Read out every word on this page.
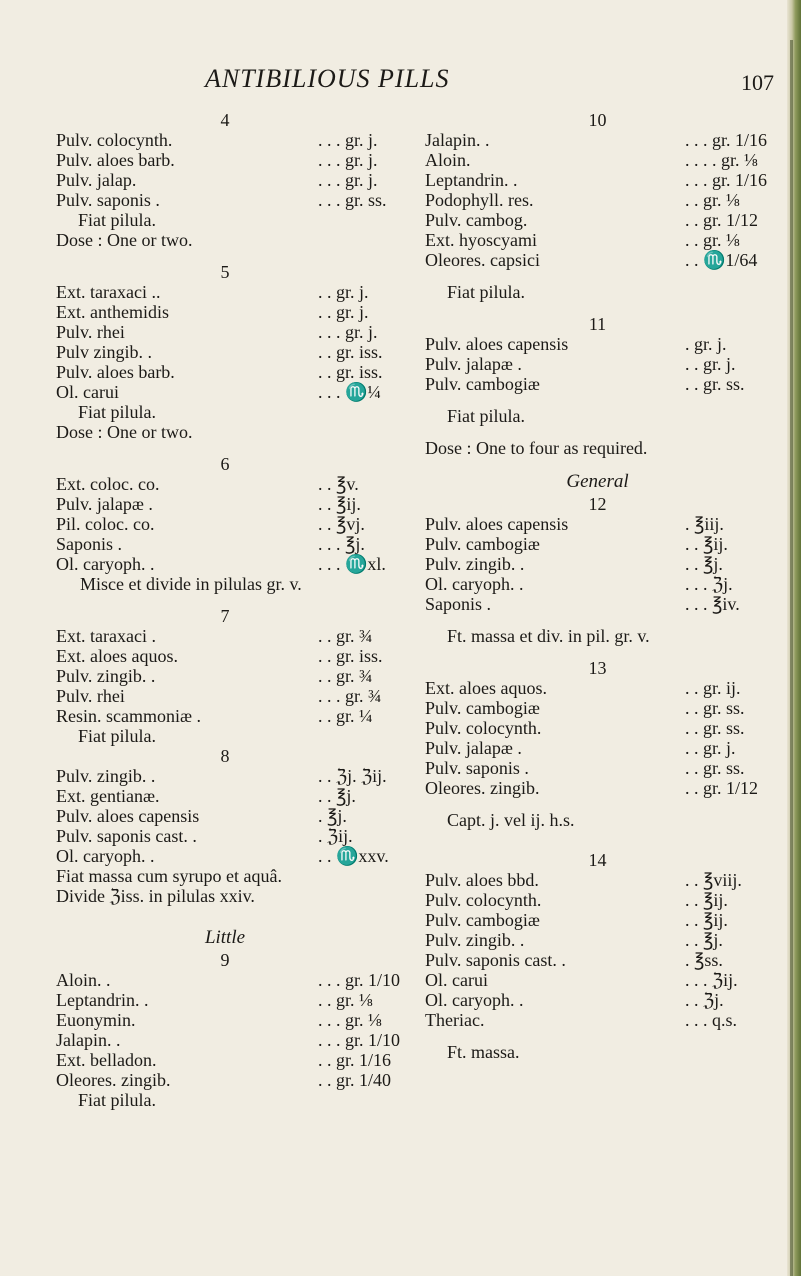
ANTIBILIOUS PILLS	107
4
Pulv. colocynth.	. . . gr. j.
Pulv. aloes barb.	. . . gr. j.
Pulv. jalap.	. . . gr. j.
Pulv. saponis .	. . . gr. ss.
Fiat pilula.
Dose : One or two.
5
Ext. taraxaci ..	. . gr. j.
Ext. anthemidis	. . gr. j.
Pulv. rhei	. . . gr. j.
Pulv zingib. .	. . gr. iss.
Pulv. aloes barb.	. . gr. iss.
Ol. carui	. . . ♏¼
Fiat pilula.
Dose : One or two.
6
Ext. coloc. co.	. . ℥v.
Pulv. jalapæ .	. . ℥ij.
Pil. coloc. co.	. . ℥vj.
Saponis .	. . . ℥j.
Ol. caryoph. .	. . . ♏xl.
Misce et divide in pilulas gr. v.
7
Ext. taraxaci .	. . gr. ¾
Ext. aloes aquos.	. . gr. iss.
Pulv. zingib. .	. . gr. ¾
Pulv. rhei	. . . gr. ¾
Resin. scammoniæ .	. . gr. ¼
Fiat pilula.
8
Pulv. zingib. .	. . ℨj. ℨij.
Ext. gentianæ.	. . ℥j.
Pulv. aloes capensis	. ℥j.
Pulv. saponis cast. .	. ℨij.
Ol. caryoph. .	. . ♏xxv.
Fiat massa cum syrupo et aquâ.
Divide ℨiss. in pilulas xxiv.
Little
9
Aloin. .	. . . gr. 1/10
Leptandrin. .	. . gr. ⅛
Euonymin.	. . . gr. ⅛
Jalapin. .	. . . gr. 1/10
Ext. belladon.	. . gr. 1/16
Oleores. zingib.	. . gr. 1/40
Fiat pilula.
10
Jalapin. .	. . . gr. 1/16
Aloin.	. . . . gr. ⅛
Leptandrin. .	. . . gr. 1/16
Podophyll. res.	. . gr. ⅛
Pulv. cambog.	. . gr. 1/12
Ext. hyoscyami	. . gr. ⅛
Oleores. capsici	. . ♏1/64
Fiat pilula.
11
Pulv. aloes capensis	. gr. j.
Pulv. jalapæ .	. . gr. j.
Pulv. cambogiæ	. . gr. ss.
Fiat pilula.
Dose : One to four as required.
General
12
Pulv. aloes capensis	. ℥iij.
Pulv. cambogiæ	. . ℥ij.
Pulv. zingib. .	. . ℥j.
Ol. caryoph. .	. . . ℨj.
Saponis .	. . . ℥iv.
Ft. massa et div. in pil. gr. v.
13
Ext. aloes aquos.	. . gr. ij.
Pulv. cambogiæ	. . gr. ss.
Pulv. colocynth.	. . gr. ss.
Pulv. jalapæ .	. . gr. j.
Pulv. saponis .	. . gr. ss.
Oleores. zingib.	. . gr. 1/12
Capt. j. vel ij. h.s.
14
Pulv. aloes bbd.	. . ℥viij.
Pulv. colocynth.	. . ℥ij.
Pulv. cambogiæ	. . ℥ij.
Pulv. zingib. .	. . ℥j.
Pulv. saponis cast. .	. ℥ss.
Ol. carui	. . . ℨij.
Ol. caryoph. .	. . ℨj.
Theriac.	. . . q.s.
Ft. massa.
